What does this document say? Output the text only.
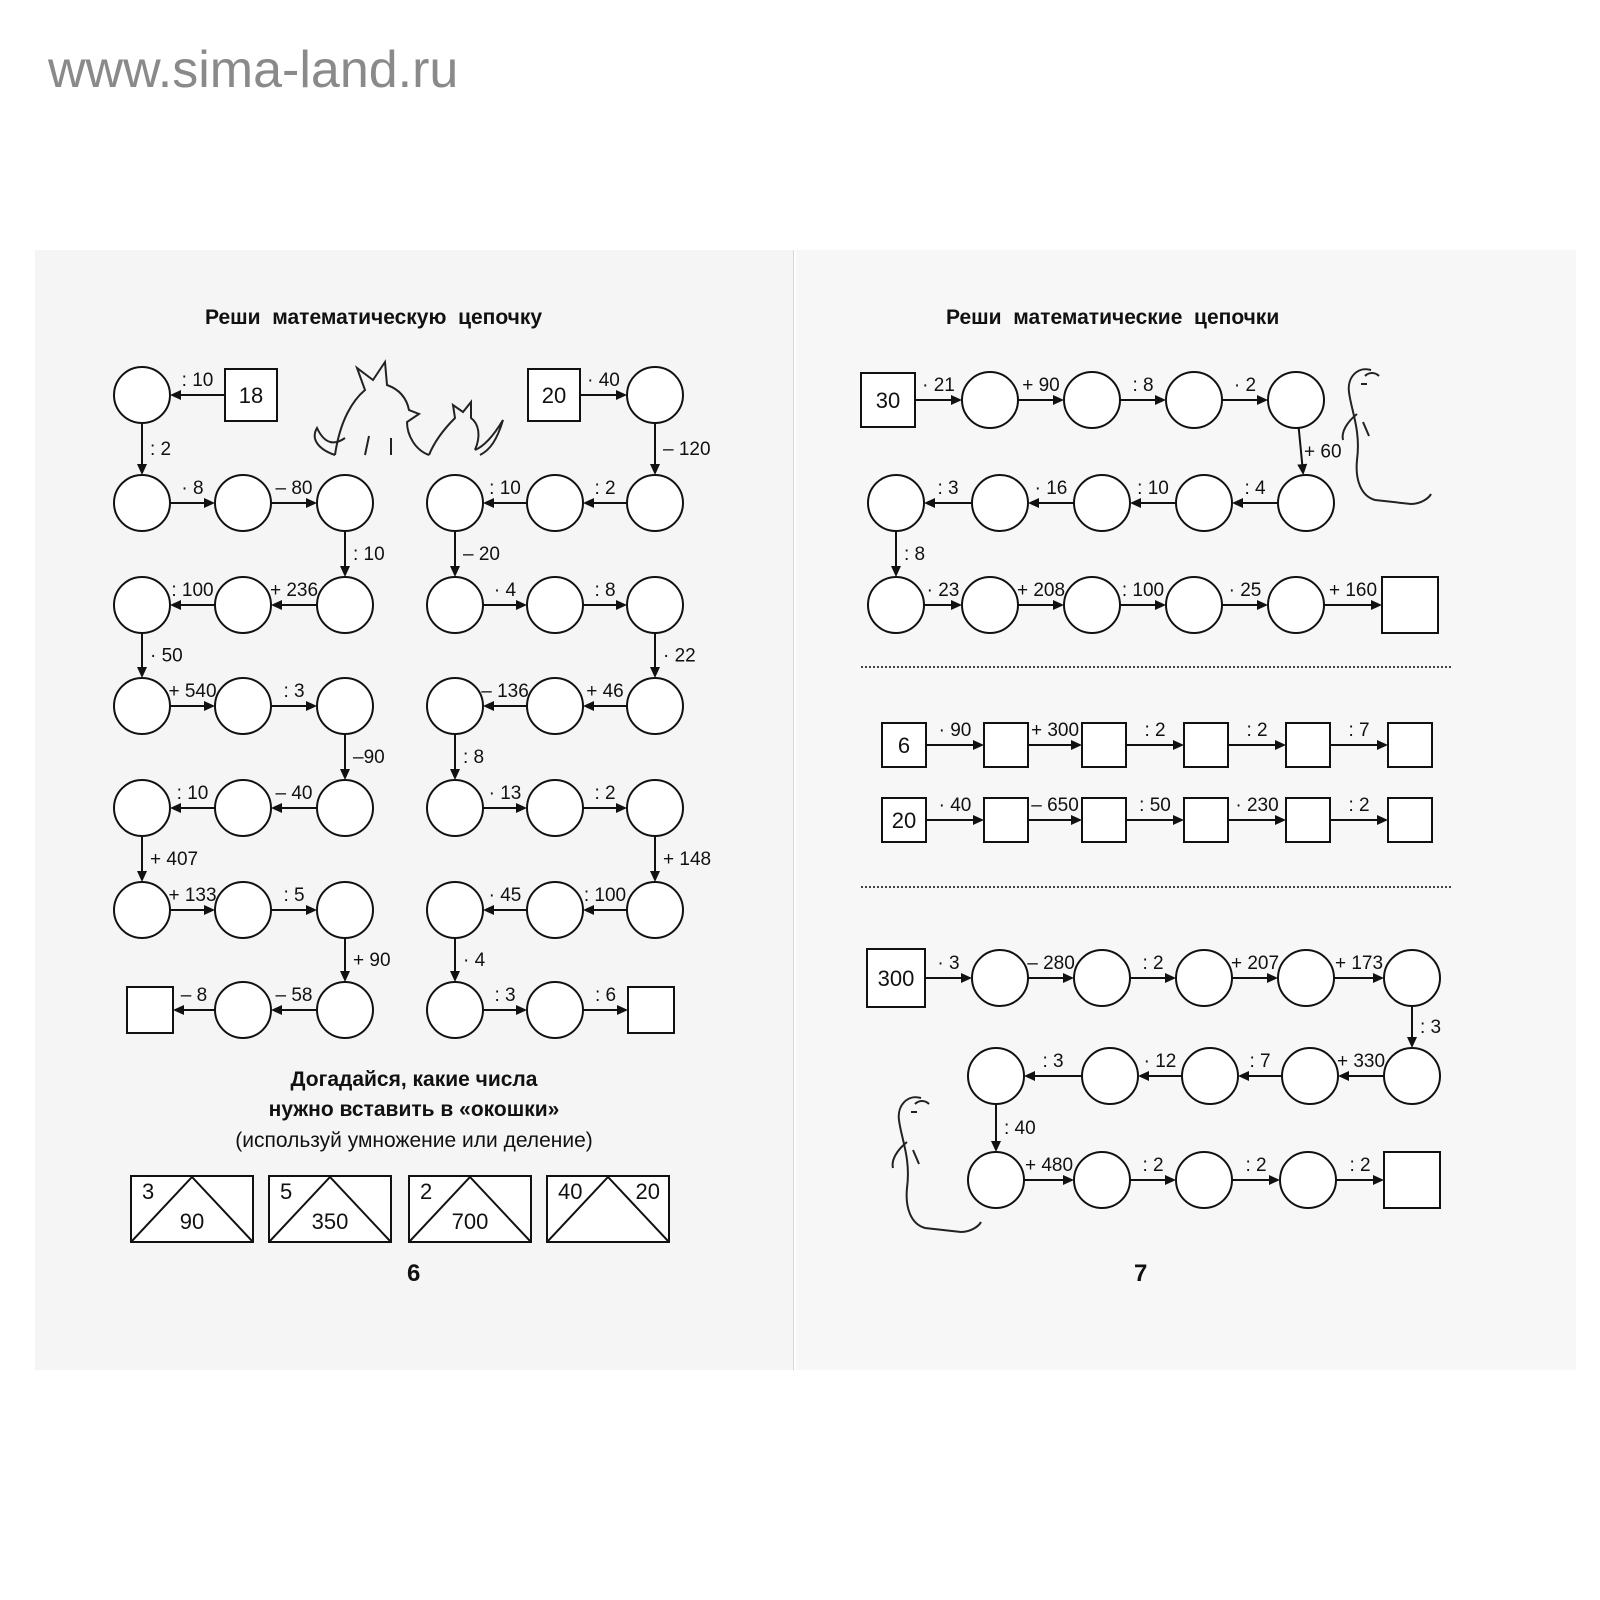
www.sima-land.ru
Реши  математическую  цепочку
: 10
: 2
· 8	– 80
: 10
+ 236
: 100
· 50
+ 540	: 3
–90
– 40
: 10
+ 407
+ 133	: 5
+ 90
– 58
– 8
18
· 40
– 120
: 2
: 10
– 20
· 4	: 8
· 22
+ 46
– 136
: 8
· 13	: 2
+ 148
: 100
· 45
· 4
: 3	: 6
20
Догадайся, какие числа
нужно вставить в «окошки»
(используй умножение или деление)
3
90
5
350
2
700
40 20
6
Реши  математические  цепочки
· 21	+ 90	: 8	· 2
+ 60
: 4
: 10
· 16
: 3
: 8
· 23	+ 208	: 100	· 25	+ 160
30
· 90	+ 300	: 2	: 2	: 7
6
· 40	– 650	: 50	· 230	: 2
20
· 3	– 280	: 2	+ 207	+ 173
: 3
+ 330
: 7
· 12
: 3
: 40
+ 480	: 2	: 2	: 2
300
7
